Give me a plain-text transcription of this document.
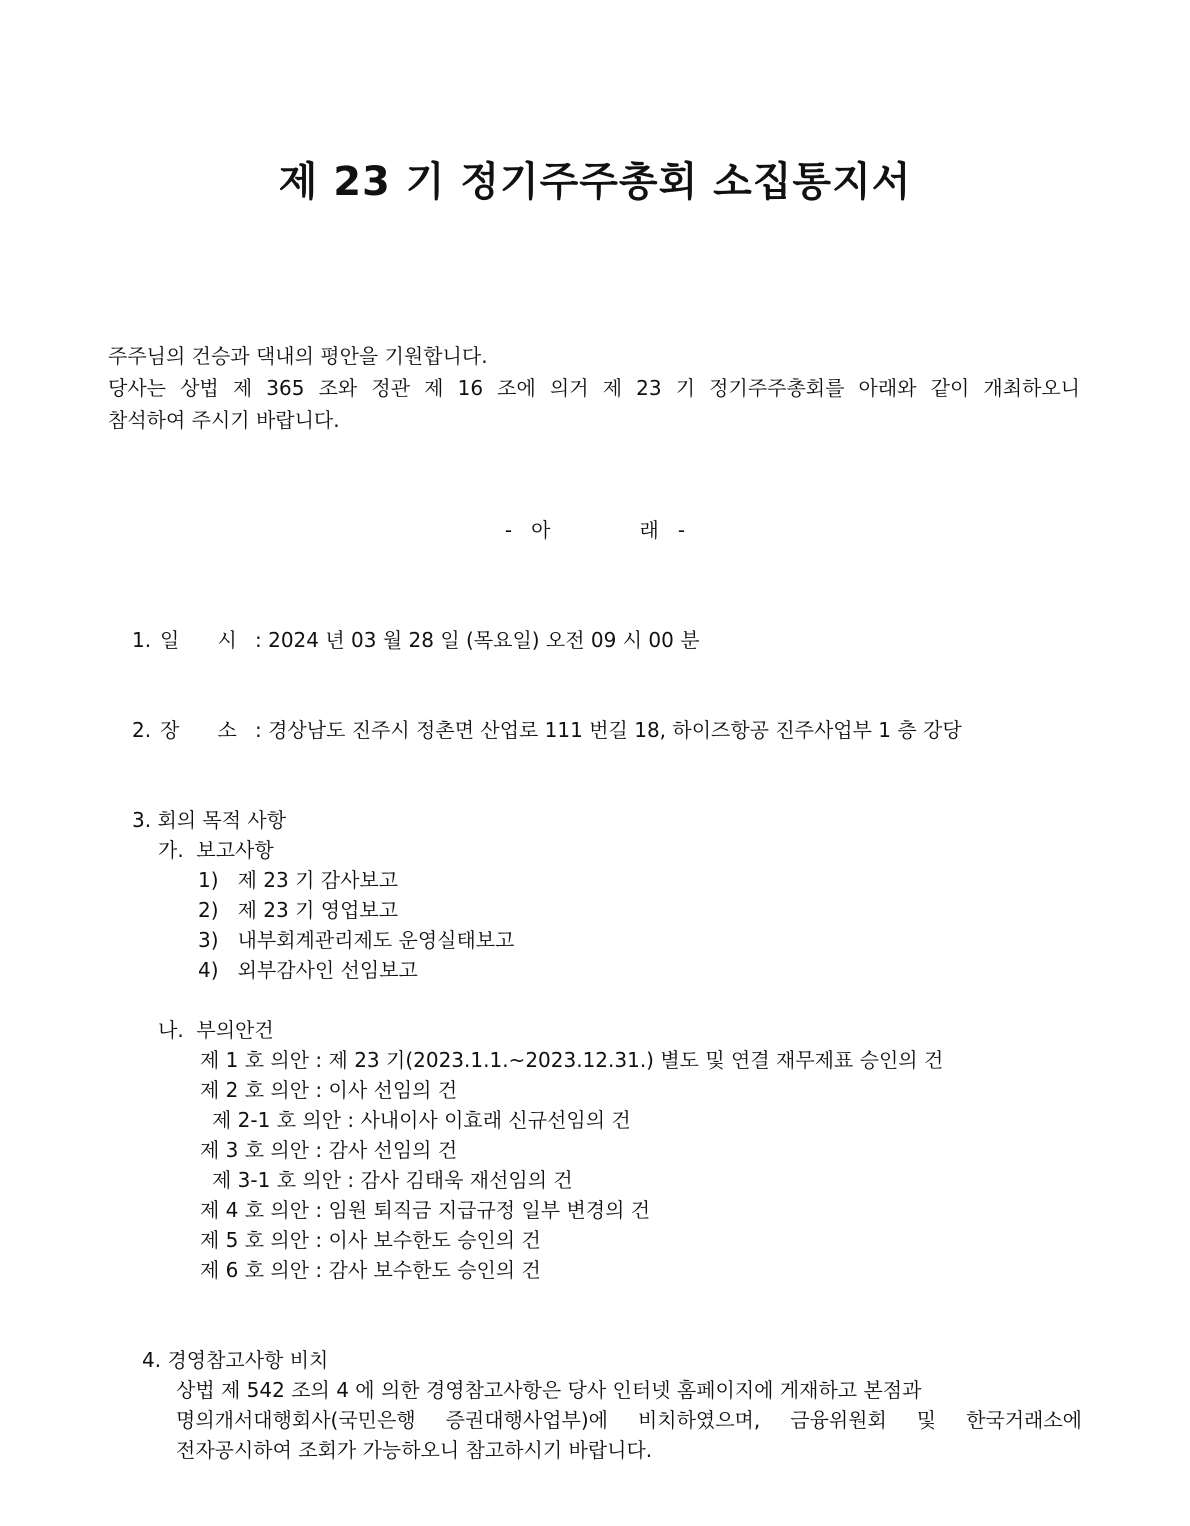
제 23 기 정기주주총회 소집통지서
주주님의 건승과 댁내의 평안을 기원합니다.
당사는 상법 제 365 조와 정관 제 16 조에 의거 제 23 기 정기주주총회를 아래와 같이 개최하오니
참석하여 주시기 바랍니다.
-   아              래   -
1. 일      시 : 2024 년 03 월 28 일 (목요일) 오전 09 시 00 분
2. 장      소 : 경상남도 진주시 정촌면 산업로 111 번길 18, 하이즈항공 진주사업부 1 층 강당
3. 회의 목적 사항
가.  보고사항
1)   제 23 기 감사보고
2)   제 23 기 영업보고
3)   내부회계관리제도 운영실태보고
4)   외부감사인 선임보고
나.  부의안건
제 1 호 의안 : 제 23 기(2023.1.1.~2023.12.31.) 별도 및 연결 재무제표 승인의 건
제 2 호 의안 : 이사 선임의 건
제 2-1 호 의안 : 사내이사 이효래 신규선임의 건
제 3 호 의안 : 감사 선임의 건
제 3-1 호 의안 : 감사 김태욱 재선임의 건
제 4 호 의안 : 임원 퇴직금 지급규정 일부 변경의 건
제 5 호 의안 : 이사 보수한도 승인의 건
제 6 호 의안 : 감사 보수한도 승인의 건
4. 경영참고사항 비치
상법 제 542 조의 4 에 의한 경영참고사항은 당사 인터넷 홈페이지에 게재하고 본점과
명의개서대행회사(국민은행 증권대행사업부)에 비치하였으며, 금융위원회 및 한국거래소에
전자공시하여 조회가 가능하오니 참고하시기 바랍니다.
